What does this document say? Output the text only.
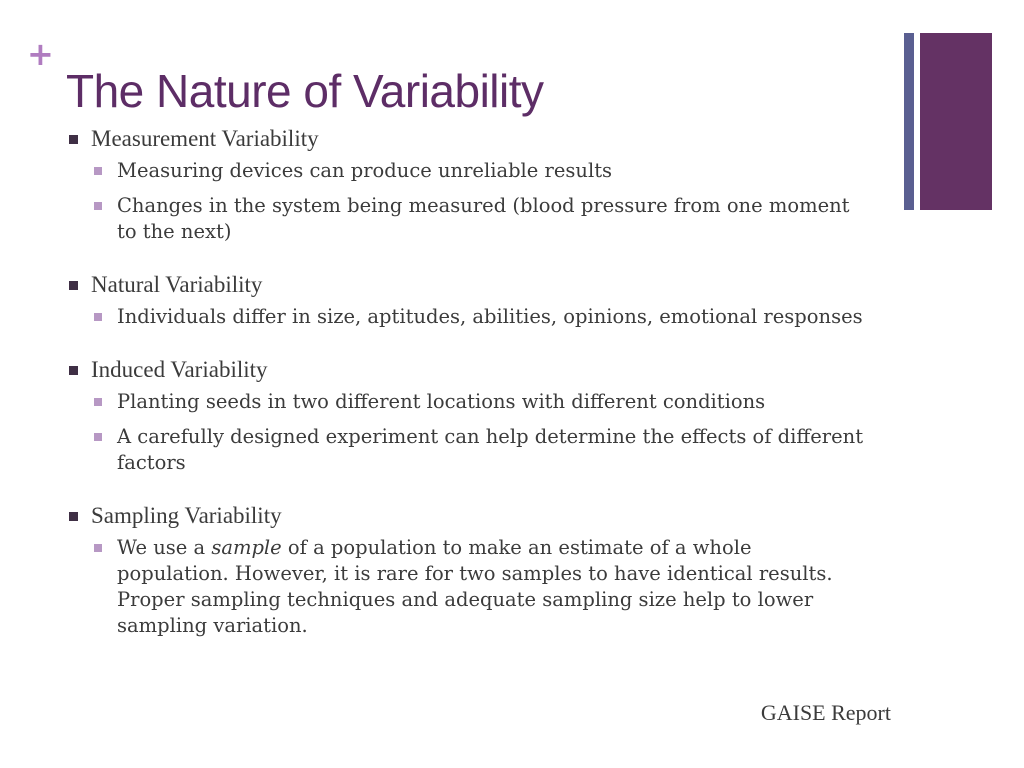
+
The Nature of Variability
Measurement Variability
Measuring devices can produce unreliable results
Changes in the system being measured (blood pressure from one moment to the next)
Natural Variability
Individuals differ in size, aptitudes, abilities, opinions, emotional responses
Induced Variability
Planting seeds in two different locations with different conditions
A carefully designed experiment can help determine the effects of different factors
Sampling Variability
We use a sample of a population to make an estimate of a whole population. However, it is rare for two samples to have identical results. Proper sampling techniques and adequate sampling size help to lower sampling variation.
GAISE Report
